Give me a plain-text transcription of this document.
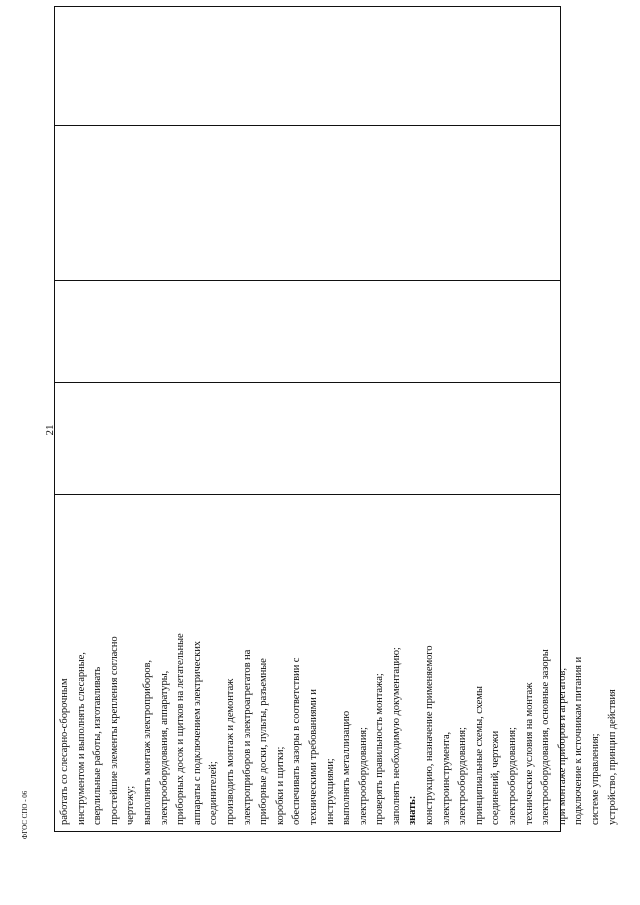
21
работать со слесарно-сборочным инструментом и выполнять слесарные, сверлильные работы, изготавливать простейшие элементы крепления согласно чертежу; выполнять монтаж электроприборов, электрооборудования, аппаратуры, приборных досок и щитков на летательные аппараты с подключением электрических соединителей; производить монтаж и демонтаж электроприборов и электроагрегатов на приборные доски, пульты, разъемные коробки и щитки; обеспечивать зазоры в соответствии с техническими требованиями и инструкциями; выполнять металлизацию электрооборудования; проверять правильность монтажа; заполнять необходимую документацию; знать: конструкцию, назначение применяемого электроинструмента, электрооборудования; принципиальные схемы, схемы соединений, чертежи электрооборудования; технические условия на монтаж электрооборудования, основные зазоры при монтаже приборов и агрегатов; подключение к источникам питания и системе управления; устройство, принцип действия
ФГОС СПО - 06
